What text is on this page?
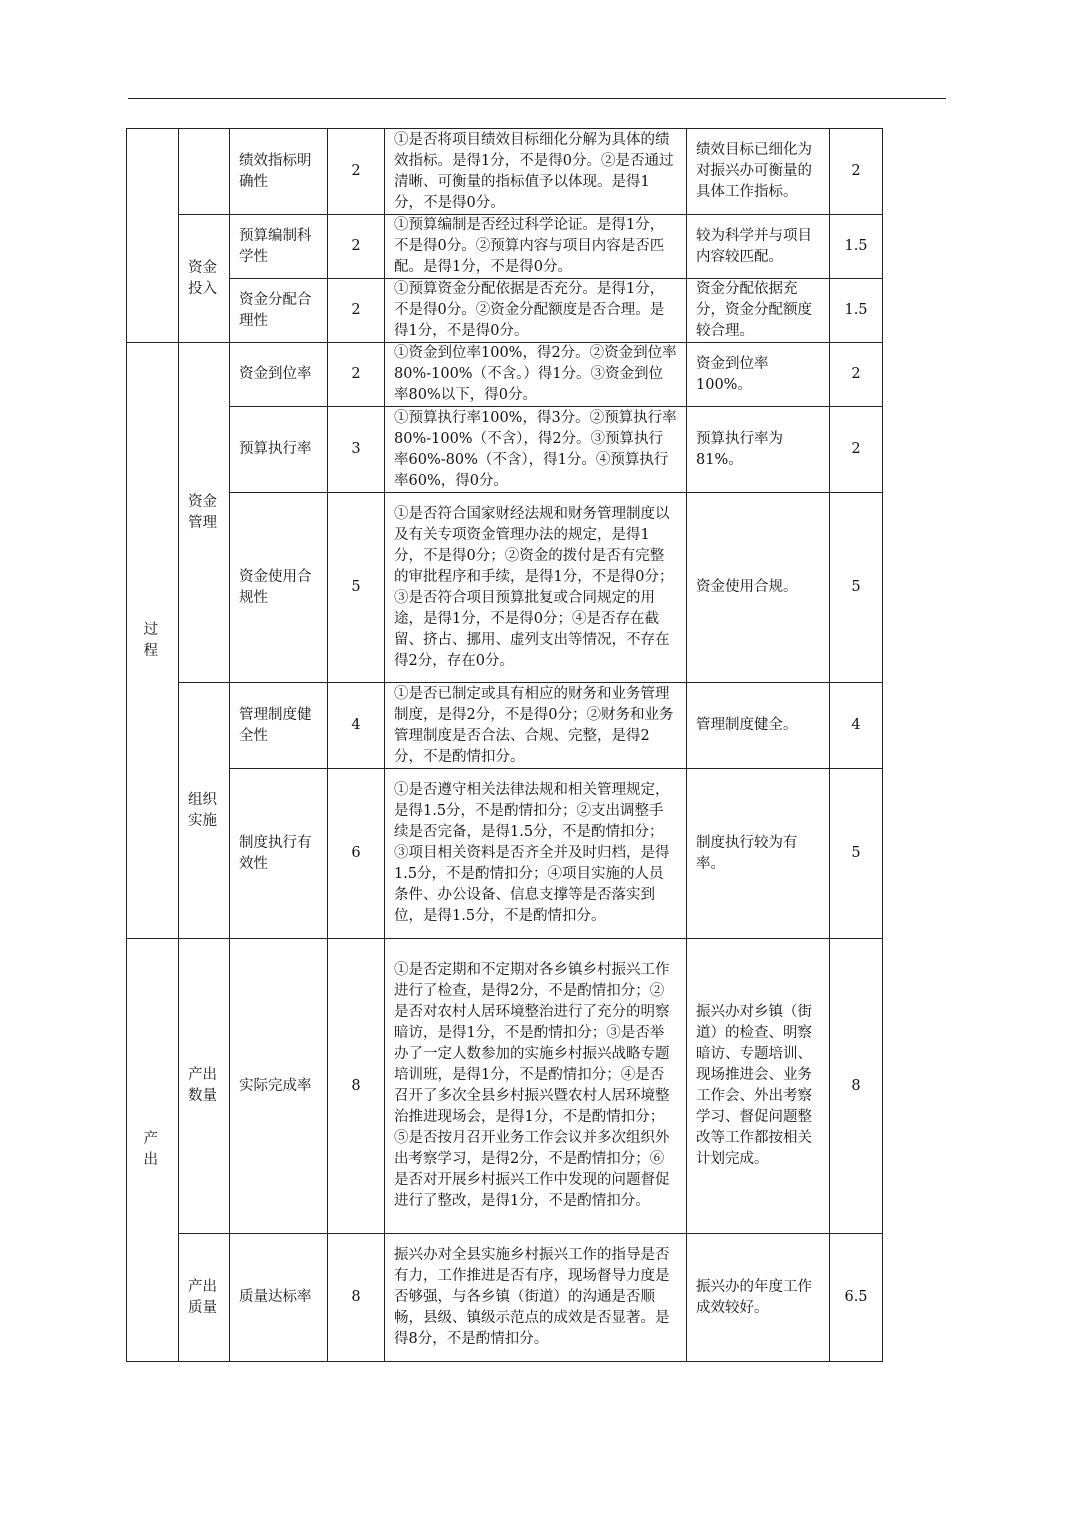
		绩效指标明确性	2	①是否将项目绩效目标细化分解为具体的绩效指标。是得1分，不是得0分。②是否通过清晰、可衡量的指标值予以体现。是得1分，不是得0分。	绩效目标已细化为对振兴办可衡量的具体工作指标。	2
	资金投入	预算编制科学性	2	①预算编制是否经过科学论证。是得1分，不是得0分。②预算内容与项目内容是否匹配。是得1分，不是得0分。	较为科学并与项目内容较匹配。	1.5
		资金分配合理性	2	①预算资金分配依据是否充分。是得1分，不是得0分。②资金分配额度是否合理。是得1分，不是得0分。	资金分配依据充分，资金分配额度较合理。	1.5
过程	资金管理	资金到位率	2	①资金到位率100%，得2分。②资金到位率80%-100%（不含。）得1分。③资金到位率80%以下，得0分。	资金到位率100%。	2
		预算执行率	3	①预算执行率100%，得3分。②预算执行率80%-100%（不含），得2分。③预算执行率60%-80%（不含），得1分。④预算执行率60%，得0分。	预算执行率为81%。	2
		资金使用合规性	5	①是否符合国家财经法规和财务管理制度以及有关专项资金管理办法的规定，是得1分，不是得0分；②资金的拨付是否有完整的审批程序和手续，是得1分，不是得0分；③是否符合项目预算批复或合同规定的用途，是得1分，不是得0分；④是否存在截留、挤占、挪用、虚列支出等情况，不存在得2分，存在0分。	资金使用合规。	5
	组织实施	管理制度健全性	4	①是否已制定或具有相应的财务和业务管理制度，是得2分，不是得0分；②财务和业务管理制度是否合法、合规、完整，是得2分，不是酌情扣分。	管理制度健全。	4
		制度执行有效性	6	①是否遵守相关法律法规和相关管理规定，是得1.5分，不是酌情扣分；②支出调整手续是否完备，是得1.5分，不是酌情扣分；③项目相关资料是否齐全并及时归档，是得1.5分，不是酌情扣分；④项目实施的人员条件、办公设备、信息支撑等是否落实到位，是得1.5分，不是酌情扣分。	制度执行较为有率。	5
产出	产出数量	实际完成率	8	①是否定期和不定期对各乡镇乡村振兴工作进行了检查，是得2分，不是酌情扣分；②是否对农村人居环境整治进行了充分的明察暗访，是得1分，不是酌情扣分；③是否举办了一定人数参加的实施乡村振兴战略专题培训班，是得1分，不是酌情扣分；④是否召开了多次全县乡村振兴暨农村人居环境整治推进现场会，是得1分，不是酌情扣分；⑤是否按月召开业务工作会议并多次组织外出考察学习，是得2分，不是酌情扣分；⑥是否对开展乡村振兴工作中发现的问题督促进行了整改，是得1分，不是酌情扣分。	振兴办对乡镇（街道）的检查、明察暗访、专题培训、现场推进会、业务工作会、外出考察学习、督促问题整改等工作都按相关计划完成。	8
	产出质量	质量达标率	8	振兴办对全县实施乡村振兴工作的指导是否有力，工作推进是否有序，现场督导力度是否够强，与各乡镇（街道）的沟通是否顺畅，县级、镇级示范点的成效是否显著。是得8分，不是酌情扣分。	振兴办的年度工作成效较好。	6.5
